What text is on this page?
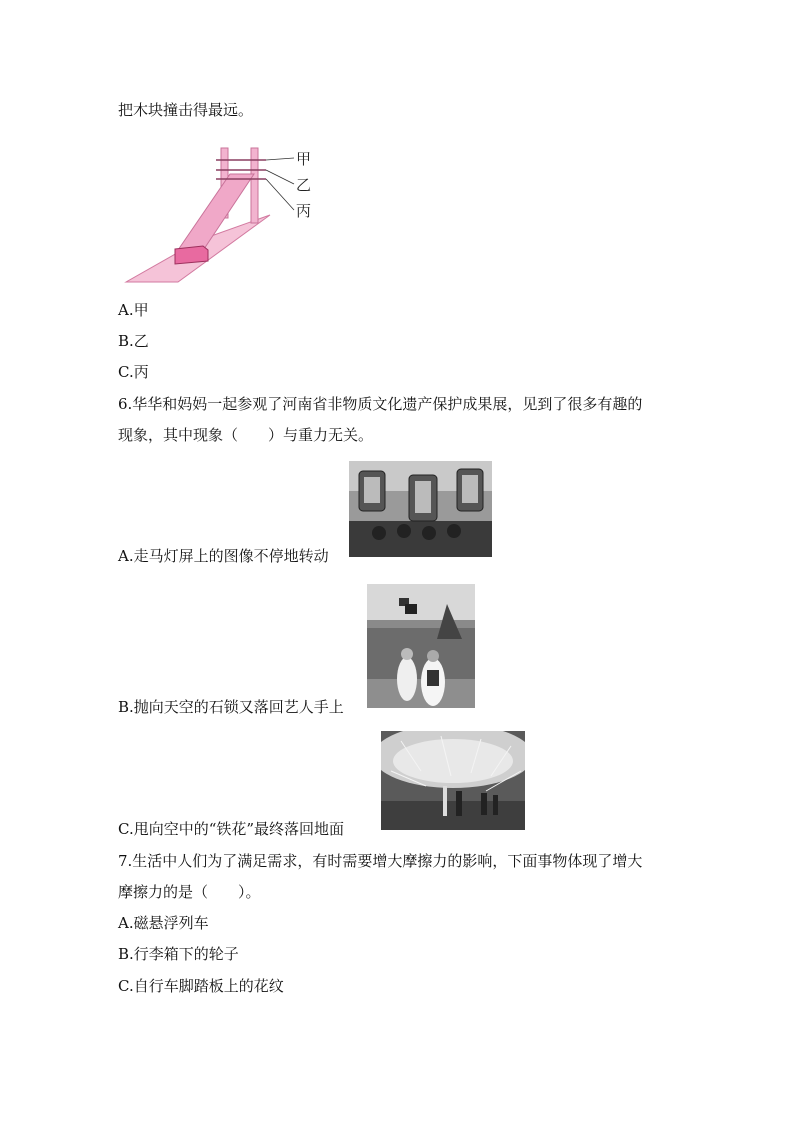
把木块撞击得最远。
甲
乙
丙
A.甲
B.乙
C.丙
6.华华和妈妈一起参观了河南省非物质文化遗产保护成果展，见到了很多有趣的
现象，其中现象（　　）与重力无关。
A.走马灯屏上的图像不停地转动
B.抛向天空的石锁又落回艺人手上
C.甩向空中的“铁花”最终落回地面
7.生活中人们为了满足需求，有时需要增大摩擦力的影响，下面事物体现了增大
摩擦力的是（　　）。
A.磁悬浮列车
B.行李箱下的轮子
C.自行车脚踏板上的花纹
